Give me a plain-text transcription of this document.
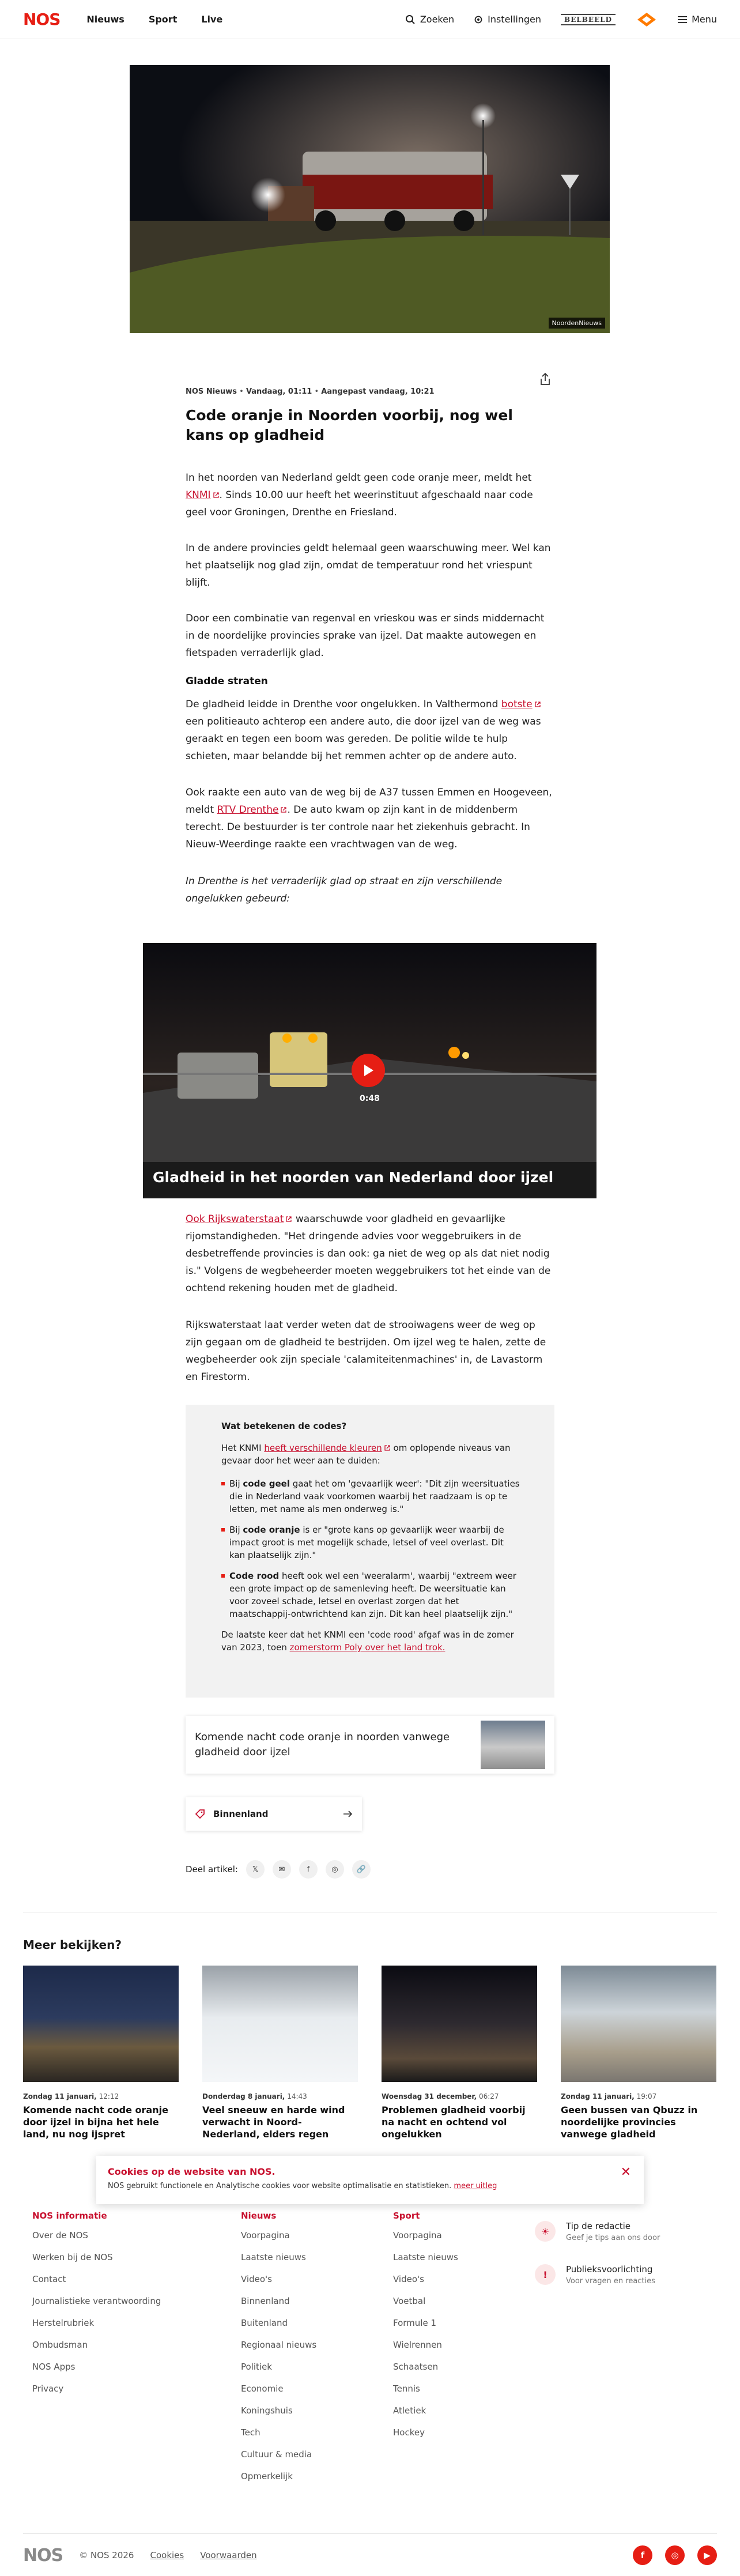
NOS	Nieuws	Sport	Live	Zoeken	Instellingen	BELBEELD	Menu
NoordenNieuws
NOS Nieuws • Vandaag, 01:11 • Aangepast vandaag, 10:21
Code oranje in Noorden voorbij, nog wel kans op gladheid

In het noorden van Nederland geldt geen code oranje meer, meldt het KNMI . Sinds 10.00 uur heeft het weerinstituut afgeschaald naar code geel voor Groningen, Drenthe en Friesland.

In de andere provincies geldt helemaal geen waarschuwing meer. Wel kan het plaatselijk nog glad zijn, omdat de temperatuur rond het vriespunt blijft.

Door een combinatie van regenval en vrieskou was er sinds middernacht in de noordelijke provincies sprake van ijzel. Dat maakte autowegen en fietspaden verraderlijk glad.

Gladde straten

De gladheid leidde in Drenthe voor ongelukken. In Valthermond botste een politieauto achterop een andere auto, die door ijzel van de weg was geraakt en tegen een boom was gereden. De politie wilde te hulp schieten, maar belandde bij het remmen achter op de andere auto.

Ook raakte een auto van de weg bij de A37 tussen Emmen en Hoogeveen, meldt RTV Drenthe . De auto kwam op zijn kant in de middenberm terecht. De bestuurder is ter controle naar het ziekenhuis gebracht. In Nieuw-Weerdinge raakte een vrachtwagen van de weg.

In Drenthe is het verraderlijk glad op straat en zijn verschillende ongelukken gebeurd:

0:48
Gladheid in het noorden van Nederland door ijzel

Ook Rijkswaterstaat waarschuwde voor gladheid en gevaarlijke rijomstandigheden. "Het dringende advies voor weggebruikers in de desbetreffende provincies is dan ook: ga niet de weg op als dat niet nodig is." Volgens de wegbeheerder moeten weggebruikers tot het einde van de ochtend rekening houden met de gladheid.

Rijkswaterstaat laat verder weten dat de strooiwagens weer de weg op zijn gegaan om de gladheid te bestrijden. Om ijzel weg te halen, zette de wegbeheerder ook zijn speciale 'calamiteitenmachines' in, de Lavastorm en Firestorm.

Wat betekenen de codes?

Het KNMI heeft verschillende kleuren om oplopende niveaus van gevaar door het weer aan te duiden:

Bij code geel gaat het om 'gevaarlijk weer': "Dit zijn weersituaties die in Nederland vaak voorkomen waarbij het raadzaam is op te letten, met name als men onderweg is."
Bij code oranje is er "grote kans op gevaarlijk weer waarbij de impact groot is met mogelijk schade, letsel of veel overlast. Dit kan plaatselijk zijn."
Code rood heeft ook wel een 'weeralarm', waarbij "extreem weer een grote impact op de samenleving heeft. De weersituatie kan voor zoveel schade, letsel en overlast zorgen dat het maatschappij-ontwrichtend kan zijn. Dit kan heel plaatselijk zijn."

De laatste keer dat het KNMI een 'code rood' afgaf was in de zomer van 2023, toen zomerstorm Poly over het land trok.

Komende nacht code oranje in noorden vanwege gladheid door ijzel
Binnenland
Deel artikel:	𝕏	✉	f	◎	🔗
Meer bekijken?
Zondag 11 januari, 12:12
Komende nacht code oranje door ijzel in bijna het hele land, nu nog ijspret
Donderdag 8 januari, 14:43
Veel sneeuw en harde wind verwacht in Noord-Nederland, elders regen
Woensdag 31 december, 06:27
Problemen gladheid voorbij na nacht en ochtend vol ongelukken
Zondag 11 januari, 19:07
Geen bussen van Qbuzz in noordelijke provincies vanwege gladheid
NOS informatie
Over de NOS
Werken bij de NOS
Contact
Journalistieke verantwoording
Herstelrubriek
Ombudsman
NOS Apps
Privacy
Nieuws
Voorpagina
Laatste nieuws
Video's
Binnenland
Buitenland
Regionaal nieuws
Politiek
Economie
Koningshuis
Tech
Cultuur & media
Opmerkelijk
Sport
Voorpagina
Laatste nieuws
Video's
Voetbal
Formule 1
Wielrennen
Schaatsen
Tennis
Atletiek
Hockey
☀	Tip de redactie
Geef je tips aan ons door
!	Publieksvoorlichting
Voor vragen en reacties
Cookies op de website van NOS.

NOS gebruikt functionele en Analytische cookies voor website optimalisatie en statistieken. meer uitleg

✕
NOS © NOS 2026 Cookies Voorwaarden	f	◎	▶
